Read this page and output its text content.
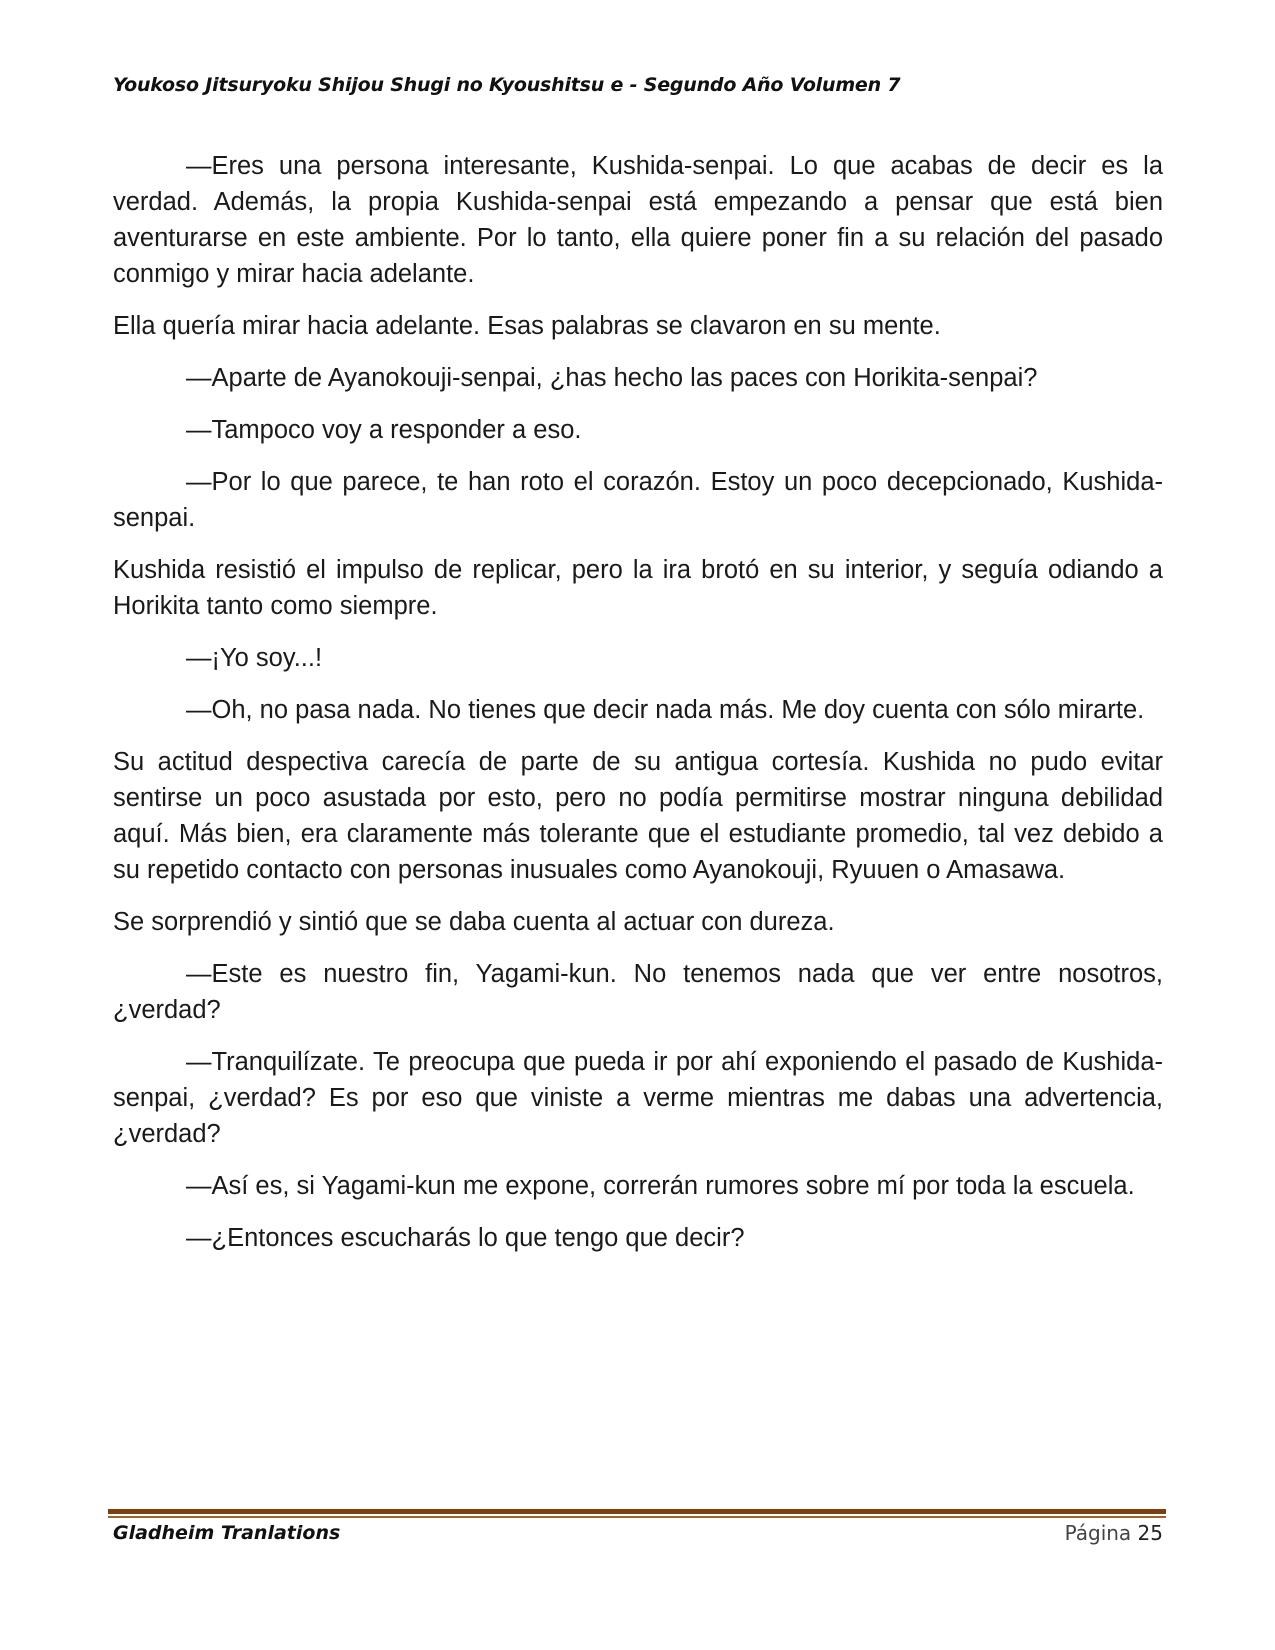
Youkoso Jitsuryoku Shijou Shugi no Kyoushitsu e - Segundo Año Volumen 7

—Eres una persona interesante, Kushida-senpai. Lo que acabas de decir es la verdad. Además, la propia Kushida-senpai está empezando a pensar que está bien aventurarse en este ambiente. Por lo tanto, ella quiere poner fin a su relación del pasado conmigo y mirar hacia adelante.

Ella quería mirar hacia adelante. Esas palabras se clavaron en su mente.

—Aparte de Ayanokouji-senpai, ¿has hecho las paces con Horikita-senpai?

—Tampoco voy a responder a eso.

—Por lo que parece, te han roto el corazón. Estoy un poco decepcionado, Kushida-senpai.

Kushida resistió el impulso de replicar, pero la ira brotó en su interior, y seguía odiando a Horikita tanto como siempre.

—¡Yo soy...!

—Oh, no pasa nada. No tienes que decir nada más. Me doy cuenta con sólo mirarte.

Su actitud despectiva carecía de parte de su antigua cortesía. Kushida no pudo evitar sentirse un poco asustada por esto, pero no podía permitirse mostrar ninguna debilidad aquí. Más bien, era claramente más tolerante que el estudiante promedio, tal vez debido a su repetido contacto con personas inusuales como Ayanokouji, Ryuuen o Amasawa.

Se sorprendió y sintió que se daba cuenta al actuar con dureza.

—Este es nuestro fin, Yagami-kun. No tenemos nada que ver entre nosotros, ¿verdad?

—Tranquilízate. Te preocupa que pueda ir por ahí exponiendo el pasado de Kushida-senpai, ¿verdad? Es por eso que viniste a verme mientras me dabas una advertencia, ¿verdad?

—Así es, si Yagami-kun me expone, correrán rumores sobre mí por toda la escuela.

—¿Entonces escucharás lo que tengo que decir?

Gladheim Tranlations	Página 25
